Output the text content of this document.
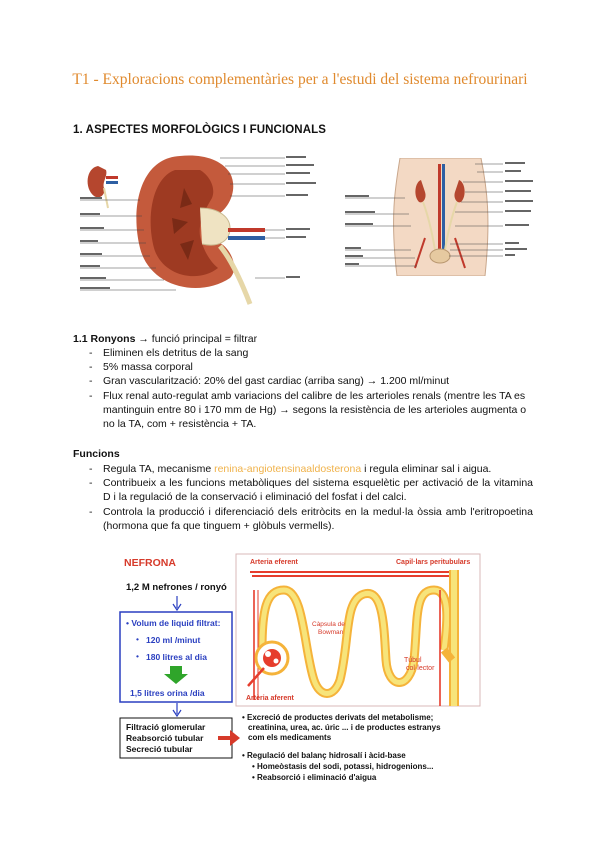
T1 - Exploracions complementàries per a l'estudi del sistema nefrourinari
1. ASPECTES MORFOLÒGICS I FUNCIONALS
1.1 Ronyons → funció principal = filtrar
- Eliminen els detritus de la sang
- 5% massa corporal
- Gran vascularització: 20% del gast cardiac (arriba sang) → 1.200 ml/minut
- Flux renal auto-regulat amb variacions del calibre de les arterioles renals (mentre les TA es mantinguin entre 80 i 170 mm de Hg) → segons la resistència de les arterioles augmenta o no la TA, com + resistència + TA.
Funcions
- Regula TA, mecanisme renina-angiotensinaaldosterona i regula eliminar sal i aigua.
- Contribueix a les funcions metabòliques del sistema esquelètic per activació de la vitamina D i la regulació de la conservació i eliminació del fosfat i del calci.
- Controla la producció i diferenciació dels eritròcits en la medul·la òssia amb l'eritropoetina (hormona que fa que tinguem + glòbuls vermells).
NEFRONA
1,2 M nefrones / ronyó
• Volum de liquid filtrat:
• 120 ml /minut
• 180 litres al dia
1,5 litres orina /dia
Filtració glomerular
Reabsorció tubular
Secreció tubular
Arteria eferent	Capil·lars peritubulars
Càpsula de Bowman
Artèria aferent
Túbul col·lector
• Excreció de productes derivats del metabolisme; creatinina, urea, ac. úric ... i de productes estranys com els medicaments
• Regulació del balanç hidrosalí i àcid-base
• Homeòstasis del sodi, potassi, hidrogenions...
• Reabsorció i eliminació d'aigua
